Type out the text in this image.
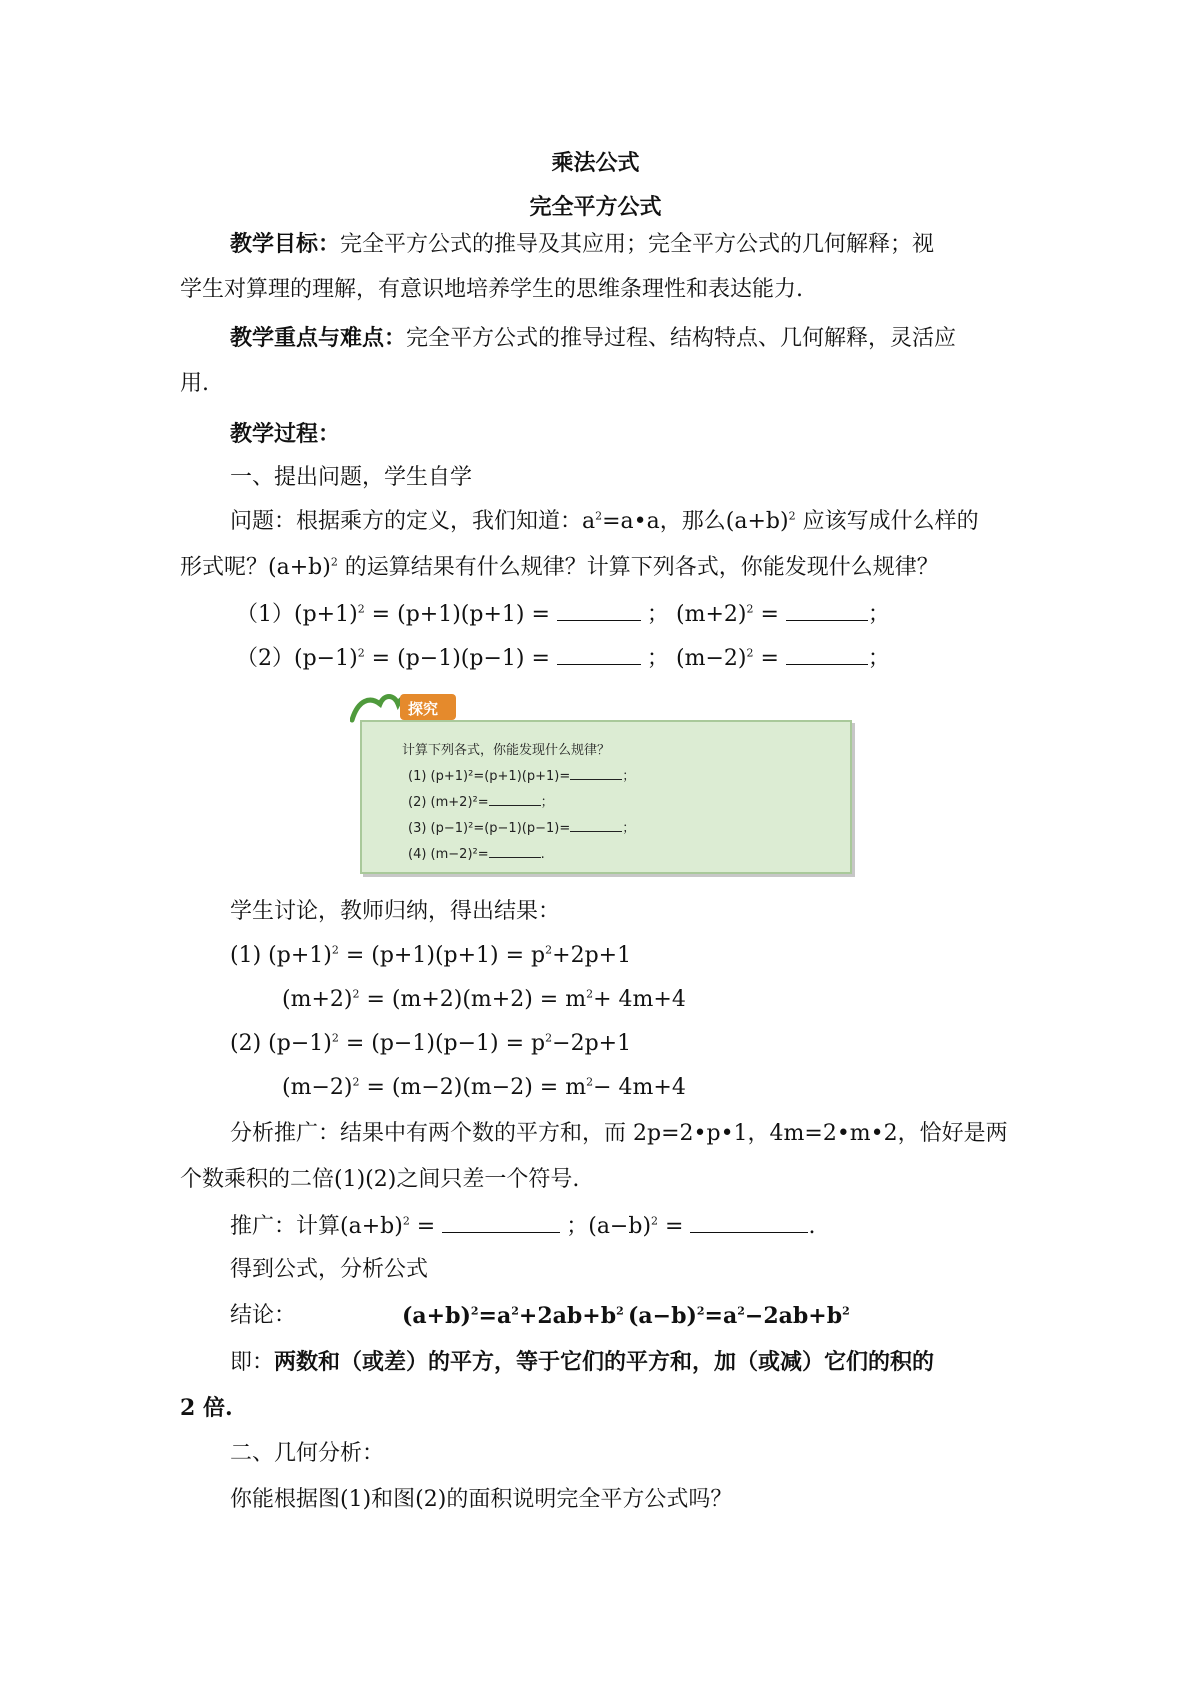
乘法公式
完全平方公式
教学目标：完全平方公式的推导及其应用；完全平方公式的几何解释；视
学生对算理的理解，有意识地培养学生的思维条理性和表达能力.
教学重点与难点：完全平方公式的推导过程、结构特点、几何解释，灵活应
用.
教学过程：
一、提出问题，学生自学
问题：根据乘方的定义，我们知道：$a^2=a•a$，那么$(a+b)^2$ 应该写成什么样的
形式呢？$(a+b)^2$ 的运算结果有什么规律？计算下列各式，你能发现什么规律？
$(1)(p+1)^2 = (p+1)(p+1)$ =	； $(m+2)^2$ =	；
$(2)(p-1)^2 = (p-1)(p-1)$ =	； $(m-2)^2$ =	；
计算下列各式，你能发现什么规律？
(1) (p+1)²=(p+1)(p+1)=	；
(2) (m+2)²=	；
(3) (p−1)²=(p−1)(p−1)=	；
(4) (m−2)²=	.
探究
学生讨论，教师归纳，得出结果：
(1) $(p+1)^2 = (p+1)(p+1) = p^2+2p+1$
$(m+2)^2 = (m+2)(m+2) = m^2+ 4m+4$
(2) $(p-1)^2 = (p-1)(p-1) = p^2-2p+1$
$(m-2)^2 = (m-2)(m-2) = m^2- 4m+4$
分析推广：结果中有两个数的平方和，而 2p=2•p•1，4m=2•m•2，恰好是两
个数乘积的二倍(1)(2)之间只差一个符号.
推广：计算$(a+b)^2$ =	；$(a-b)^2$ =	.
得到公式，分析公式
结论：	$(a+b)^2=a^2+2ab+b^2$ $(a-b)^2=a^2-2ab+b^2$
即：两数和（或差）的平方，等于它们的平方和，加（或减）它们的积的
2 倍.
二、几何分析：
你能根据图(1)和图(2)的面积说明完全平方公式吗？
